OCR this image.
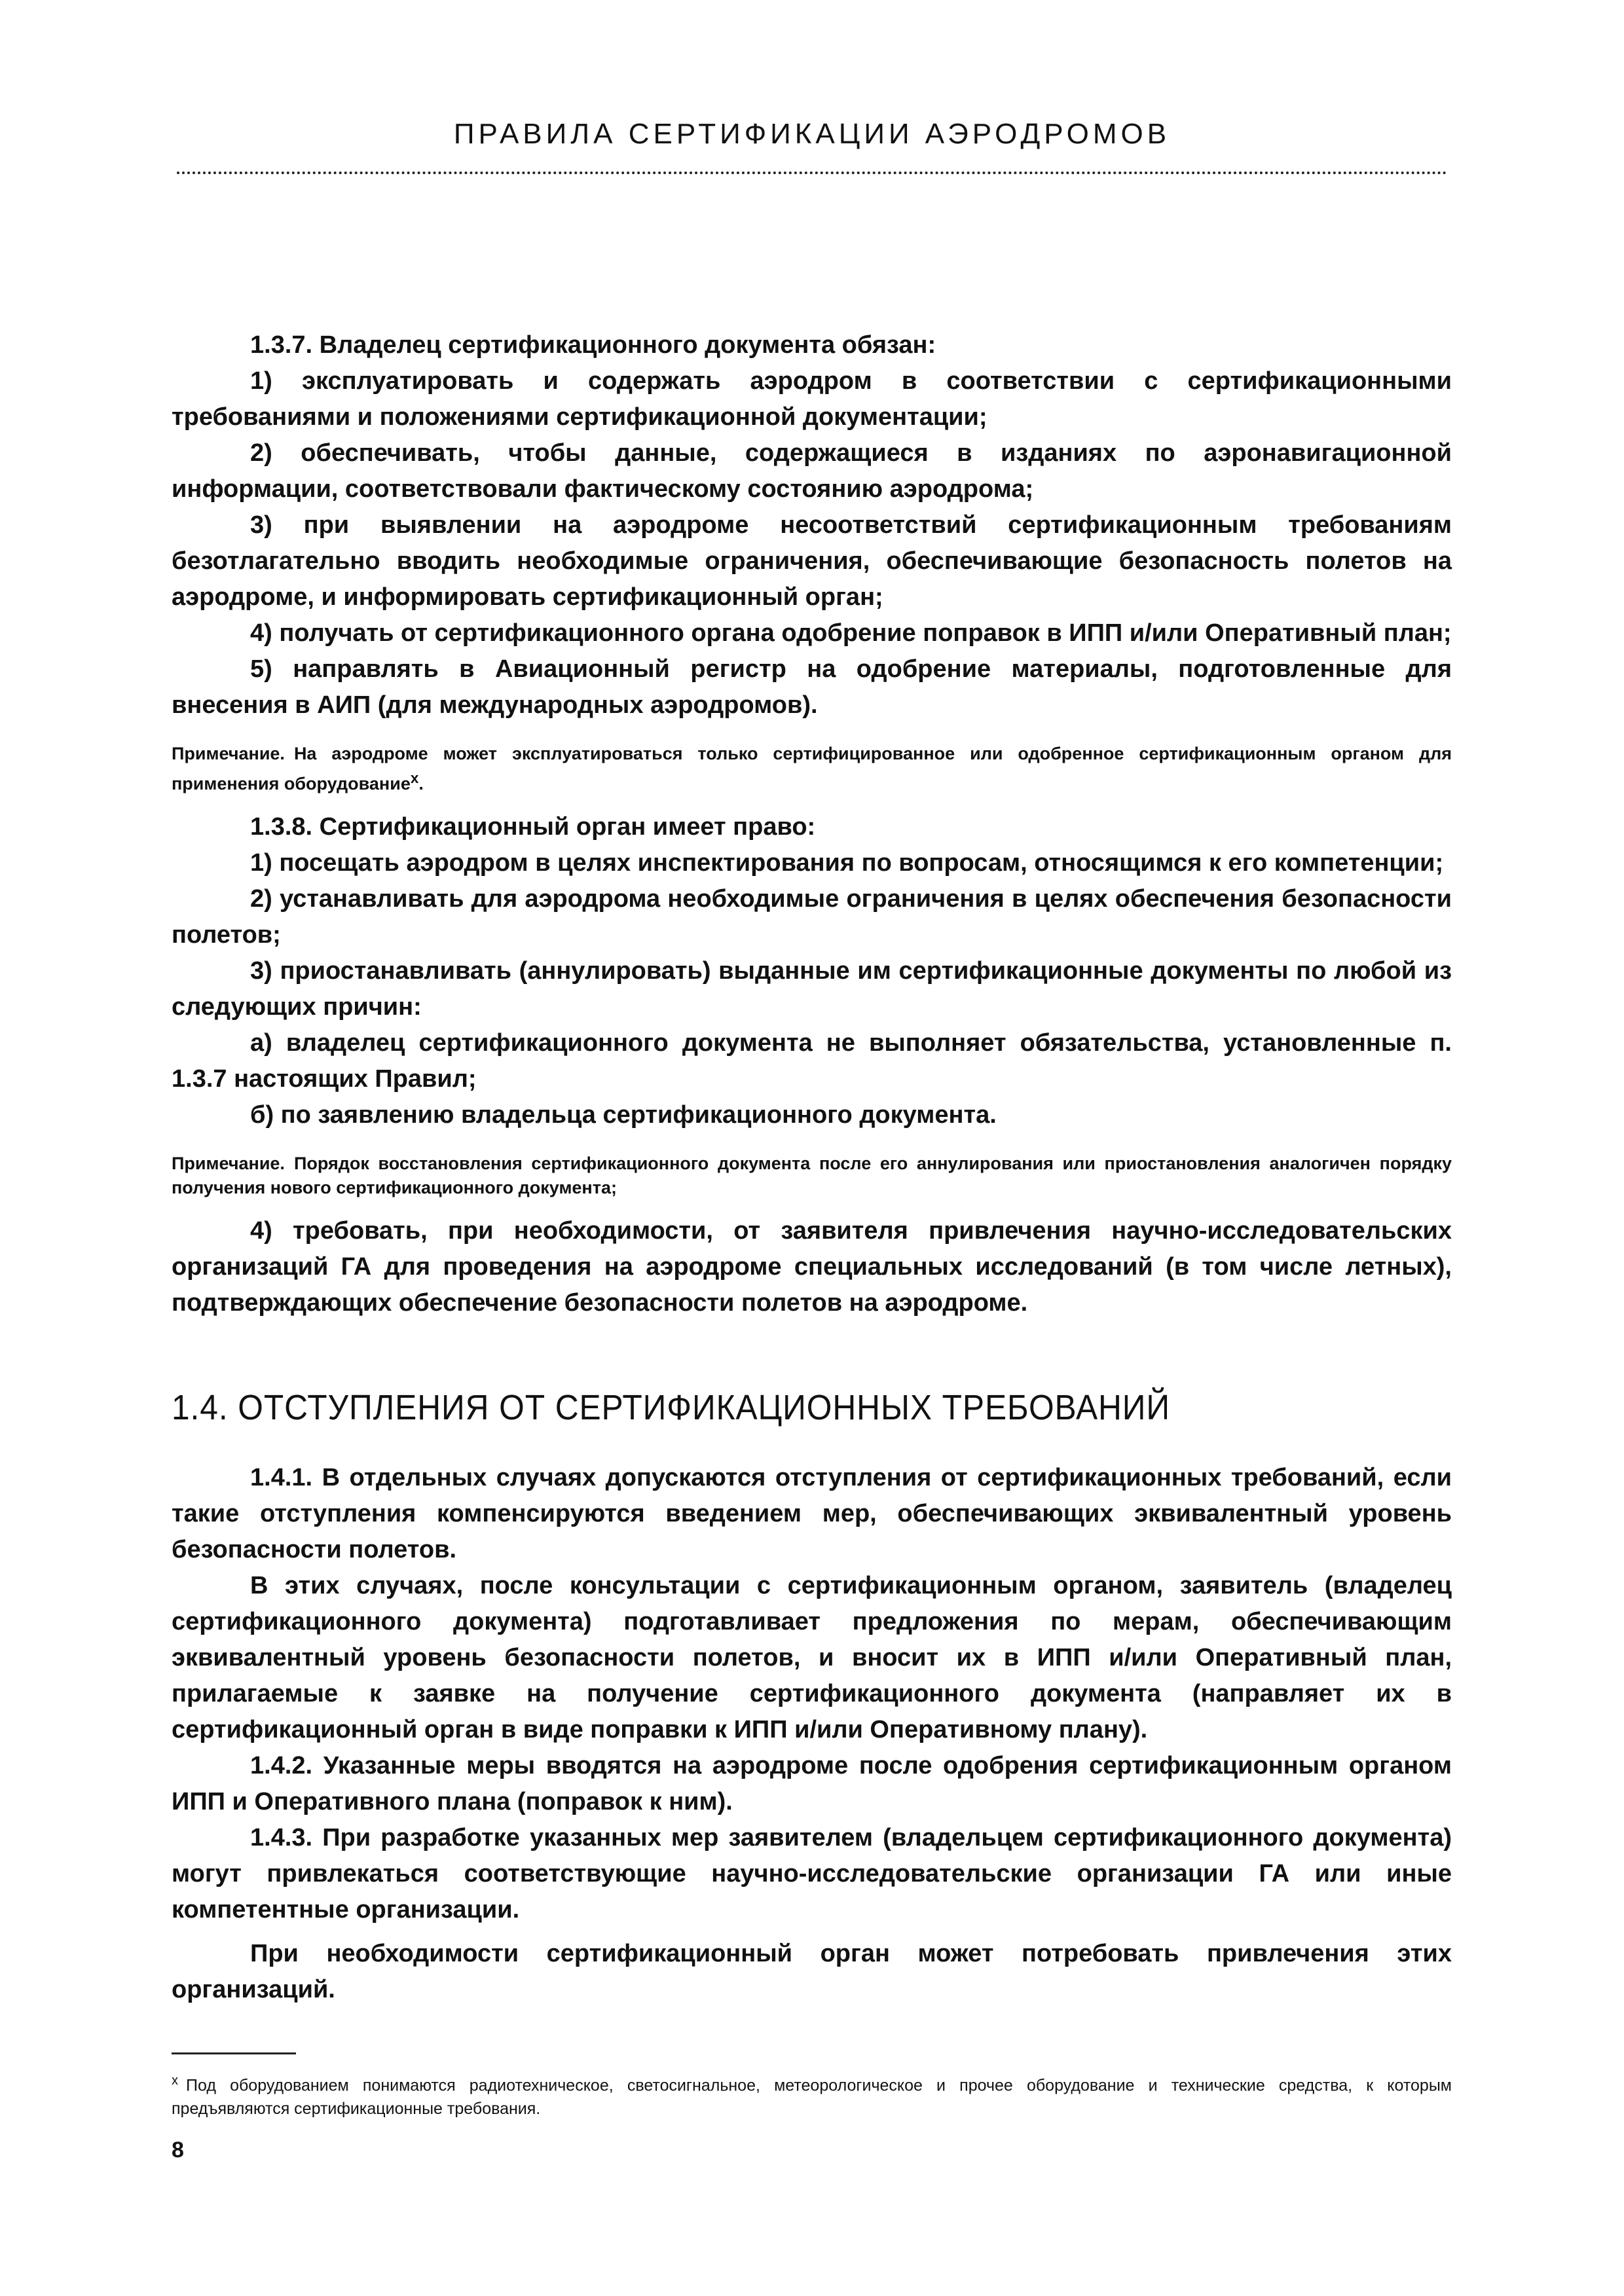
ПРАВИЛА СЕРТИФИКАЦИИ АЭРОДРОМОВ

1.3.7. Владелец сертификационного документа обязан:

1) эксплуатировать и содержать аэродром в соответствии с сертификационными требованиями и положениями сертификационной документации;

2) обеспечивать, чтобы данные, содержащиеся в изданиях по аэронавигационной информации, соответствовали фактическому состоянию аэродрома;

3) при выявлении на аэродроме несоответствий сертификационным требованиям безотлагательно вводить необходимые ограничения, обеспечивающие безопасность полетов на аэродроме, и информировать сертификационный орган;

4) получать от сертификационного органа одобрение поправок в ИПП и/или Оперативный план;

5) направлять в Авиационный регистр на одобрение материалы, подготовленные для внесения в АИП (для международных аэродромов).

Примечание. На аэродроме может эксплуатироваться только сертифицированное или одобренное сертификационным органом для применения оборудование$^х$.

1.3.8. Сертификационный орган имеет право:

1) посещать аэродром в целях инспектирования по вопросам, относящимся к его компетенции;

2) устанавливать для аэродрома необходимые ограничения в целях обеспечения безопасности полетов;

3) приостанавливать (аннулировать) выданные им сертификационные документы по любой из следующих причин:

а) владелец сертификационного документа не выполняет обязательства, установленные п. 1.3.7 настоящих Правил;

б) по заявлению владельца сертификационного документа.

Примечание. Порядок восстановления сертификационного документа после его аннулирования или приостановления аналогичен порядку получения нового сертификационного документа;

4) требовать, при необходимости, от заявителя привлечения научно-исследовательских организаций ГА для проведения на аэродроме специальных исследований (в том числе летных), подтверждающих обеспечение безопасности полетов на аэродроме.

1.4. ОТСТУПЛЕНИЯ ОТ СЕРТИФИКАЦИОННЫХ ТРЕБОВАНИЙ

1.4.1. В отдельных случаях допускаются отступления от сертификационных требований, если такие отступления компенсируются введением мер, обеспечивающих эквивалентный уровень безопасности полетов.

В этих случаях, после консультации с сертификационным органом, заявитель (владелец сертификационного документа) подготавливает предложения по мерам, обеспечивающим эквивалентный уровень безопасности полетов, и вносит их в ИПП и/или Оперативный план, прилагаемые к заявке на получение сертификационного документа (направляет их в сертификационный орган в виде поправки к ИПП и/или Оперативному плану).

1.4.2. Указанные меры вводятся на аэродроме после одобрения сертификационным органом ИПП и Оперативного плана (поправок к ним).

1.4.3. При разработке указанных мер заявителем (владельцем сертификационного документа) могут привлекаться соответствующие научно-исследовательские организации ГА или иные компетентные организации.

При необходимости сертификационный орган может потребовать привлечения этих организаций.

$^х$ Под оборудованием понимаются радиотехническое, светосигнальное, метеорологическое и прочее оборудование и технические средства, к которым предъявляются сертификационные требования.
8
